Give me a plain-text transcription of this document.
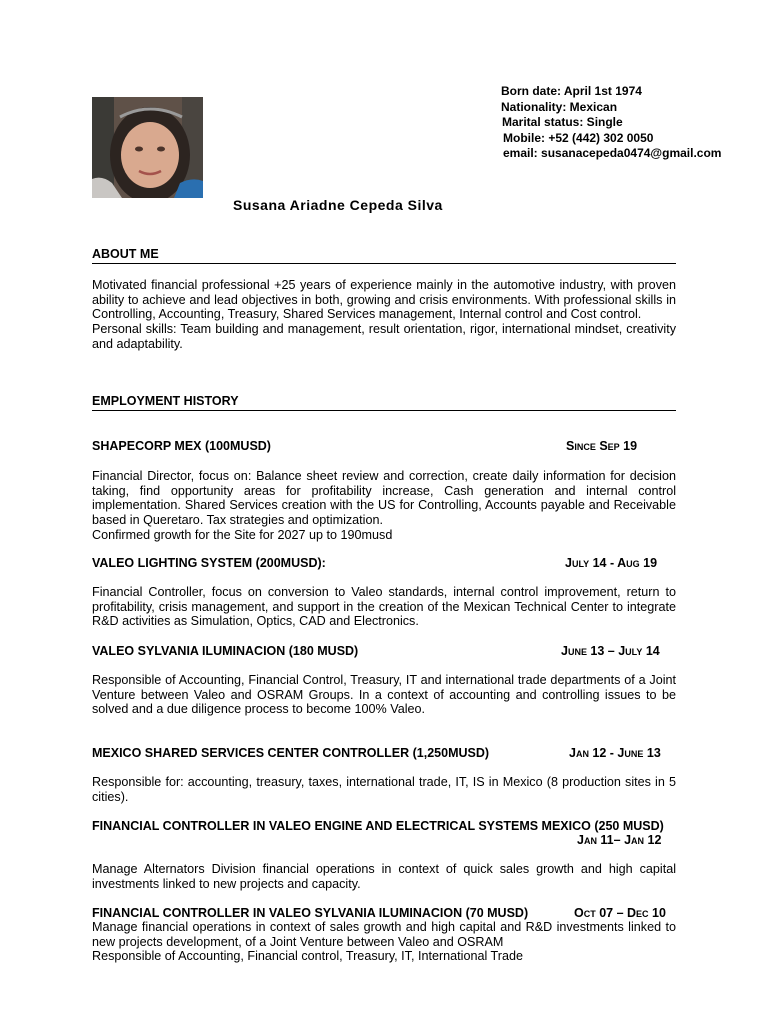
Born date: April 1st 1974
Nationality: Mexican
Marital status: Single
Mobile: +52 (442) 302 0050
email: susanacepeda0474@gmail.com
Susana Ariadne Cepeda Silva
ABOUT ME

Motivated financial professional +25 years of experience mainly in the automotive industry, with proven ability to achieve and lead objectives in both, growing and crisis environments. With professional skills in Controlling, Accounting, Treasury, Shared Services management, Internal control and Cost control.

Personal skills: Team building and management, result orientation, rigor, international mindset, creativity and adaptability.

EMPLOYMENT HISTORY
SHAPECORP MEX (100MUSD)	Since Sep 19

Financial Director, focus on: Balance sheet review and correction, create daily information for decision taking, find opportunity areas for profitability increase, Cash generation and internal control implementation. Shared Services creation with the US for Controlling, Accounts payable and Receivable based in Queretaro. Tax strategies and optimization.

Confirmed growth for the Site for 2027 up to 190musd

VALEO LIGHTING SYSTEM (200MUSD):	July 14 - Aug 19

Financial Controller, focus on conversion to Valeo standards, internal control improvement, return to profitability, crisis management, and support in the creation of the Mexican Technical Center to integrate R&D activities as Simulation, Optics, CAD and Electronics.

VALEO SYLVANIA ILUMINACION (180 MUSD)	June 13 – July 14

Responsible of Accounting, Financial Control, Treasury, IT and international trade departments of a Joint Venture between Valeo and OSRAM Groups. In a context of accounting and controlling issues to be solved and a due diligence process to become 100% Valeo.

MEXICO SHARED SERVICES CENTER CONTROLLER (1,250MUSD)	Jan 12 - June 13

Responsible for: accounting, treasury, taxes, international trade, IT, IS in Mexico (8 production sites in 5 cities).

FINANCIAL CONTROLLER IN VALEO ENGINE AND ELECTRICAL SYSTEMS MEXICO (250 MUSD)
Jan 11– Jan 12

Manage Alternators Division financial operations in context of quick sales growth and high capital investments linked to new projects and capacity.

FINANCIAL CONTROLLER IN VALEO SYLVANIA ILUMINACION (70 MUSD)	Oct 07 – Dec 10

Manage financial operations in context of sales growth and high capital and R&D investments linked to new projects development, of a Joint Venture between Valeo and OSRAM

Responsible of Accounting, Financial control, Treasury, IT, International Trade
